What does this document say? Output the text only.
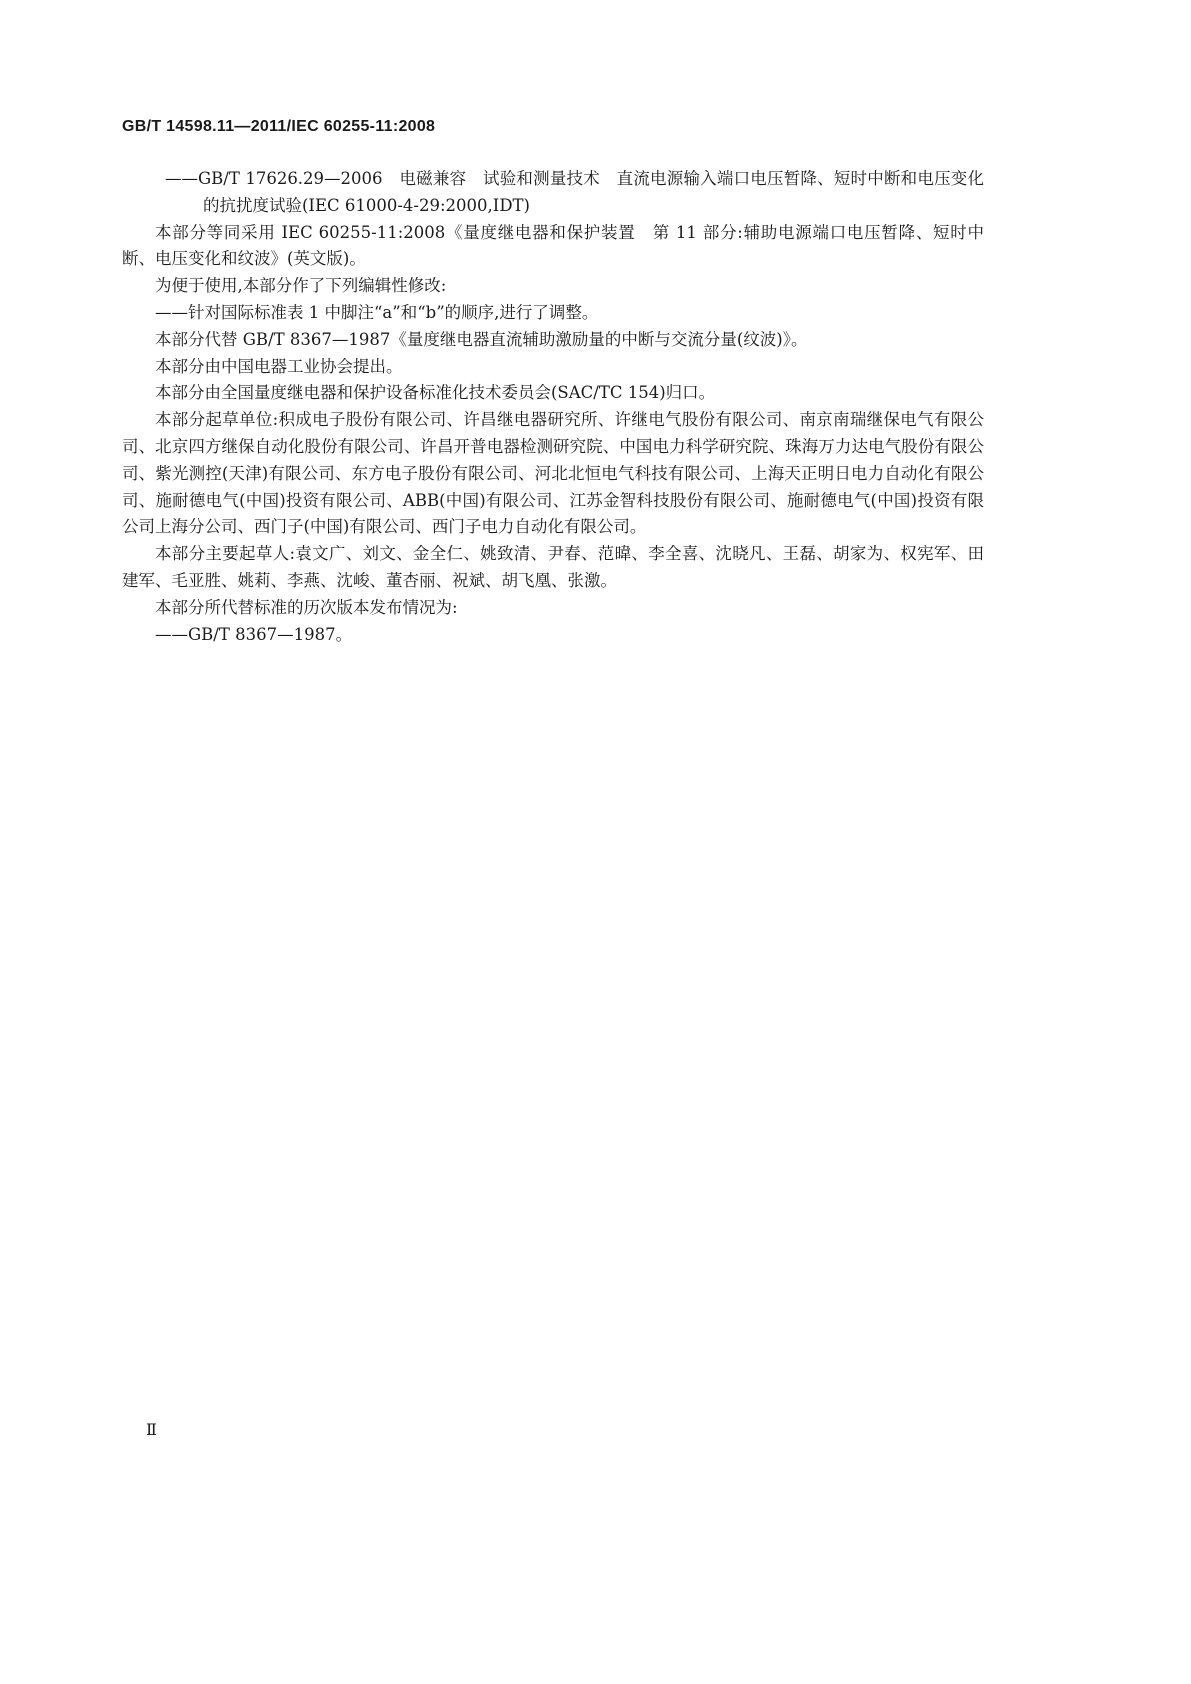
GB/T 14598.11—2011/IEC 60255-11:2008

——GB/T 17626.29—2006　电磁兼容　试验和测量技术　直流电源输入端口电压暂降、短时中断和电压变化的抗扰度试验(IEC 61000-4-29:2000,IDT)

本部分等同采用 IEC 60255-11:2008《量度继电器和保护装置　第 11 部分:辅助电源端口电压暂降、短时中断、电压变化和纹波》(英文版)。

为便于使用,本部分作了下列编辑性修改:

——针对国际标准表 1 中脚注“a”和“b”的顺序,进行了调整。

本部分代替 GB/T 8367—1987《量度继电器直流辅助激励量的中断与交流分量(纹波)》。

本部分由中国电器工业协会提出。

本部分由全国量度继电器和保护设备标准化技术委员会(SAC/TC 154)归口。

本部分起草单位:积成电子股份有限公司、许昌继电器研究所、许继电气股份有限公司、南京南瑞继保电气有限公司、北京四方继保自动化股份有限公司、许昌开普电器检测研究院、中国电力科学研究院、珠海万力达电气股份有限公司、紫光测控(天津)有限公司、东方电子股份有限公司、河北北恒电气科技有限公司、上海天正明日电力自动化有限公司、施耐德电气(中国)投资有限公司、ABB(中国)有限公司、江苏金智科技股份有限公司、施耐德电气(中国)投资有限公司上海分公司、西门子(中国)有限公司、西门子电力自动化有限公司。

本部分主要起草人:袁文广、刘文、金全仁、姚致清、尹春、范暐、李全喜、沈晓凡、王磊、胡家为、权宪军、田建军、毛亚胜、姚莉、李燕、沈峻、董杏丽、祝斌、胡飞凰、张激。

本部分所代替标准的历次版本发布情况为:

——GB/T 8367—1987。

Ⅱ
